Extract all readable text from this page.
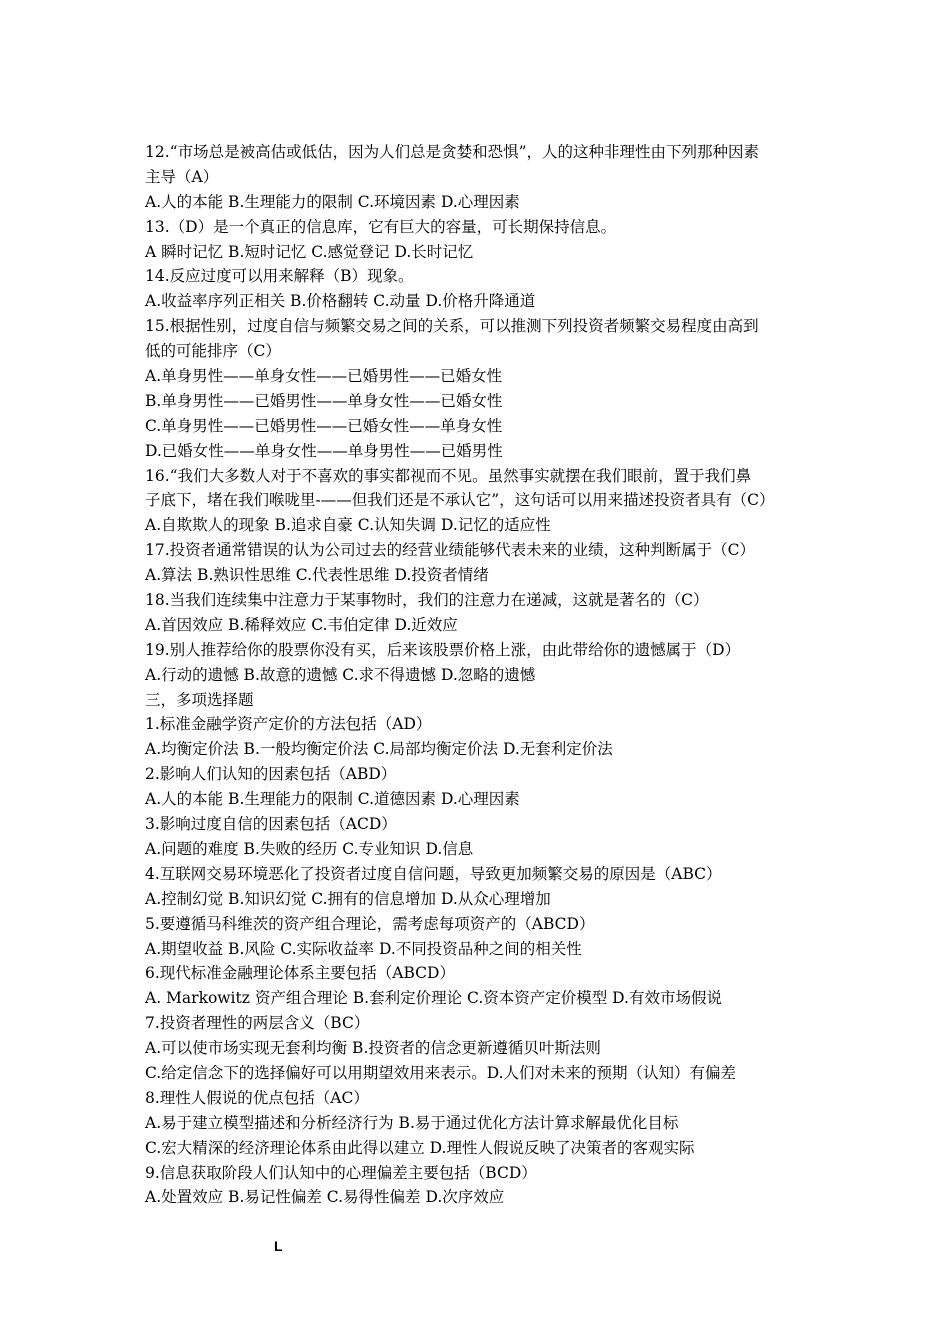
12.“市场总是被高估或低估，因为人们总是贪婪和恐惧”，人的这种非理性由下列那种因素
主导（A）
A.人的本能 B.生理能力的限制 C.环境因素 D.心理因素
13.（D）是一个真正的信息库，它有巨大的容量，可长期保持信息。
A 瞬时记忆 B.短时记忆 C.感觉登记 D.长时记忆
14.反应过度可以用来解释（B）现象。
A.收益率序列正相关 B.价格翻转 C.动量 D.价格升降通道
15.根据性别，过度自信与频繁交易之间的关系，可以推测下列投资者频繁交易程度由高到
低的可能排序（C）
A.单身男性——单身女性——已婚男性——已婚女性
B.单身男性——已婚男性——单身女性——已婚女性
C.单身男性——已婚男性——已婚女性——单身女性
D.已婚女性——单身女性——单身男性——已婚男性
16.“我们大多数人对于不喜欢的事实都视而不见。虽然事实就摆在我们眼前，置于我们鼻
子底下，堵在我们喉咙里-——但我们还是不承认它”，这句话可以用来描述投资者具有（C）
A.自欺欺人的现象 B.追求自豪 C.认知失调 D.记忆的适应性
17.投资者通常错误的认为公司过去的经营业绩能够代表未来的业绩，这种判断属于（C）
A.算法 B.熟识性思维 C.代表性思维 D.投资者情绪
18.当我们连续集中注意力于某事物时，我们的注意力在递减，这就是著名的（C）
A.首因效应 B.稀释效应 C.韦伯定律 D.近效应
19.别人推荐给你的股票你没有买，后来该股票价格上涨，由此带给你的遗憾属于（D）
A.行动的遗憾 B.故意的遗憾 C.求不得遗憾 D.忽略的遗憾
三，多项选择题
1.标准金融学资产定价的方法包括（AD）
A.均衡定价法 B.一般均衡定价法 C.局部均衡定价法 D.无套利定价法
2.影响人们认知的因素包括（ABD）
A.人的本能 B.生理能力的限制 C.道德因素 D.心理因素
3.影响过度自信的因素包括（ACD）
A.问题的难度 B.失败的经历 C.专业知识 D.信息
4.互联网交易环境恶化了投资者过度自信问题，导致更加频繁交易的原因是（ABC）
A.控制幻觉 B.知识幻觉 C.拥有的信息增加 D.从众心理增加
5.要遵循马科维茨的资产组合理论，需考虑每项资产的（ABCD）
A.期望收益 B.风险 C.实际收益率 D.不同投资品种之间的相关性
6.现代标准金融理论体系主要包括（ABCD）
A. Markowitz 资产组合理论 B.套利定价理论 C.资本资产定价模型 D.有效市场假说
7.投资者理性的两层含义（BC）
A.可以使市场实现无套利均衡 B.投资者的信念更新遵循贝叶斯法则
C.给定信念下的选择偏好可以用期望效用来表示。D.人们对未来的预期（认知）有偏差
8.理性人假说的优点包括（AC）
A.易于建立模型描述和分析经济行为 B.易于通过优化方法计算求解最优化目标
C.宏大精深的经济理论体系由此得以建立 D.理性人假说反映了决策者的客观实际
9.信息获取阶段人们认知中的心理偏差主要包括（BCD）
A.处置效应 B.易记性偏差 C.易得性偏差 D.次序效应
L
